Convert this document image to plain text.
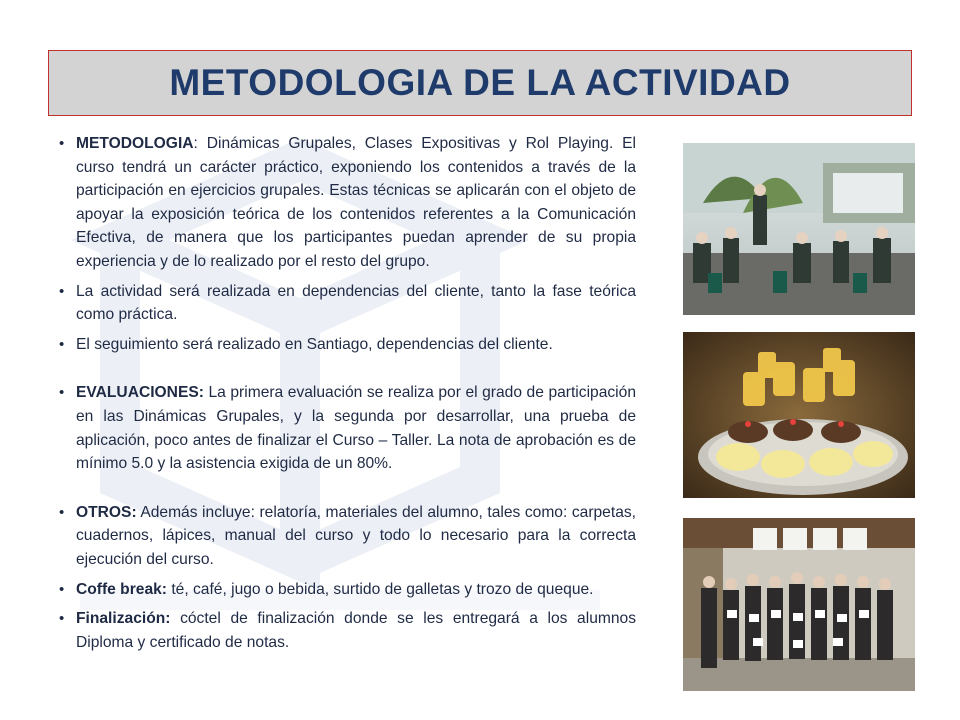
METODOLOGIA DE LA ACTIVIDAD

• METODOLOGIA: Dinámicas Grupales, Clases Expositivas y Rol Playing. El curso tendrá un carácter práctico, exponiendo los contenidos a través de la participación en ejercicios grupales. Estas técnicas se aplicarán con el objeto de apoyar la exposición teórica de los contenidos referentes a la Comunicación Efectiva, de manera que los participantes puedan aprender de su propia experiencia y de lo realizado por el resto del grupo.

• La actividad será realizada en dependencias del cliente, tanto la fase teórica como práctica.

• El seguimiento será realizado en Santiago, dependencias del cliente.

• EVALUACIONES: La primera evaluación se realiza por el grado de participación en las Dinámicas Grupales, y la segunda por desarrollar, una prueba de aplicación, poco antes de finalizar el Curso – Taller. La nota de aprobación es de mínimo 5.0 y la asistencia exigida de un 80%.

• OTROS: Además incluye: relatoría, materiales del alumno, tales como: carpetas, cuadernos, lápices, manual del curso y todo lo necesario para la correcta ejecución del curso.

• Coffe break: té, café, jugo o bebida, surtido de galletas y trozo de queque.

• Finalización: cóctel de finalización donde se les entregará a los alumnos Diploma y certificado de notas.
